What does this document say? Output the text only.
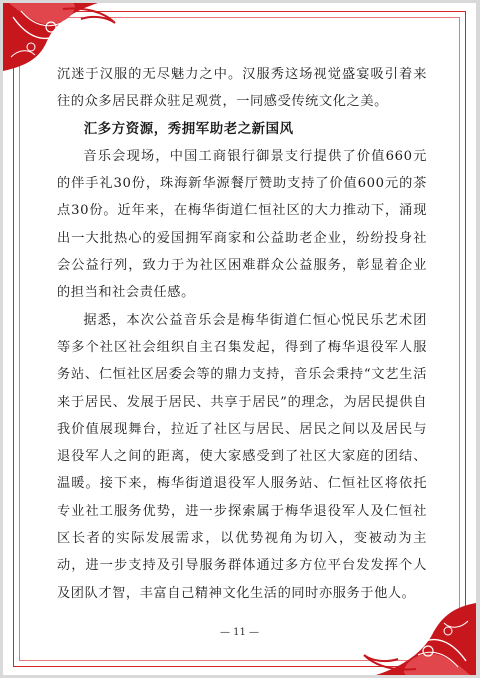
沉迷于汉服的无尽魅力之中。汉服秀这场视觉盛宴吸引着来往的众多居民群众驻足观赏，一同感受传统文化之美。

汇多方资源，秀拥军助老之新国风

音乐会现场，中国工商银行御景支行提供了价值660元的伴手礼30份，珠海新华源餐厅赞助支持了价值600元的茶点30份。近年来，在梅华街道仁恒社区的大力推动下，涌现出一大批热心的爱国拥军商家和公益助老企业，纷纷投身社会公益行列，致力于为社区困难群众公益服务，彰显着企业的担当和社会责任感。

据悉，本次公益音乐会是梅华街道仁恒心悦民乐艺术团等多个社区社会组织自主召集发起，得到了梅华退役军人服务站、仁恒社区居委会等的鼎力支持，音乐会秉持“文艺生活来于居民、发展于居民、共享于居民”的理念，为居民提供自我价值展现舞台，拉近了社区与居民、居民之间以及居民与退役军人之间的距离，使大家感受到了社区大家庭的团结、温暖。接下来，梅华街道退役军人服务站、仁恒社区将依托专业社工服务优势，进一步探索属于梅华退役军人及仁恒社区长者的实际发展需求，以优势视角为切入，变被动为主动，进一步支持及引导服务群体通过多方位平台发发挥个人及团队才智，丰富自己精神文化生活的同时亦服务于他人。

— 11 —
